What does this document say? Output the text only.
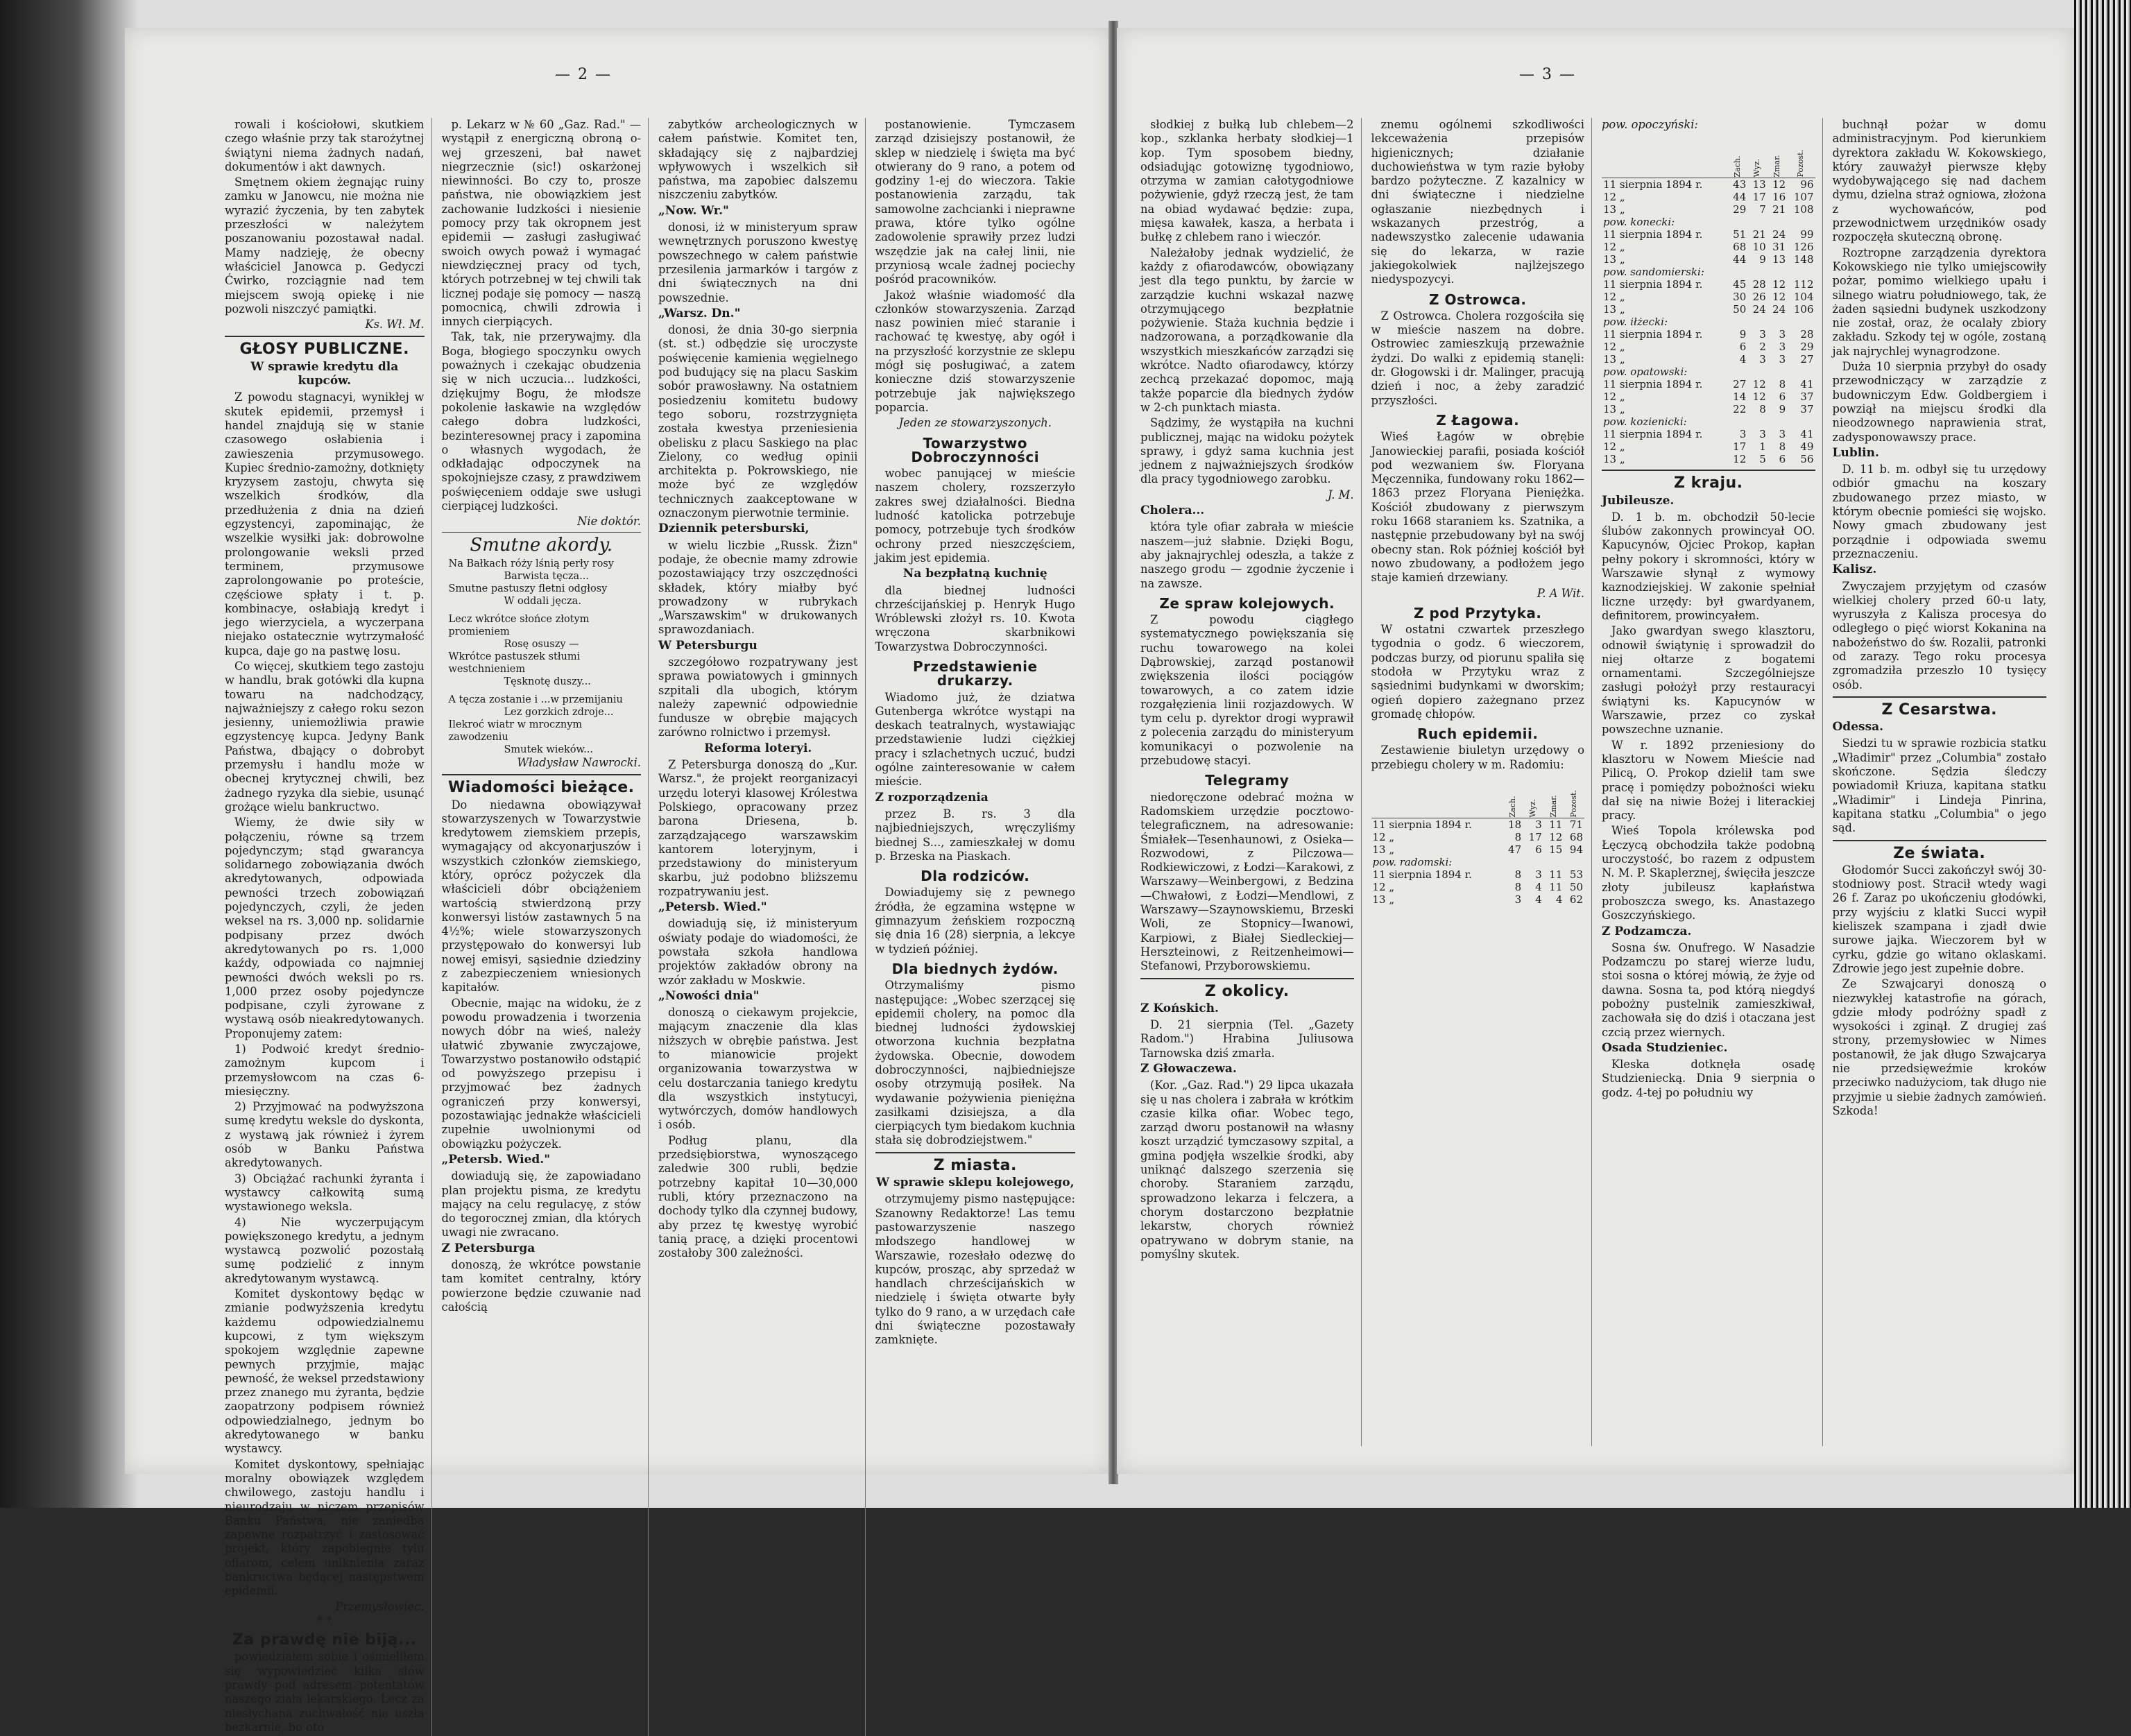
— 2 —

rowali i kościołowi, skutkiem czego właśnie przy tak starożytnej świątyni niema żadnych nadań, dokumentów i akt dawnych.

Smętnem okiem żegnając ruiny zamku w Janowcu, nie można nie wyrazić życzenia, by ten zabytek przeszłości w należytem poszanowaniu pozostawał nadal. Mamy nadzieję, że obecny właściciel Janowca p. Gedyczi Ćwirko, rozciągnie nad tem miejscem swoją opiekę i nie pozwoli niszczyć pamiątki.

Ks. Wł. M.
GŁOSY PUBLICZNE.
W sprawie kredytu dla kupców.

Z powodu stagnacyi, wynikłej w skutek epidemii, przemysł i handel znajdują się w stanie czasowego osłabienia i zawieszenia przymusowego. Kupiec średnio-zamożny, dotknięty kryzysem zastoju, chwyta się wszelkich środków, dla przedłużenia z dnia na dzień egzystencyi, zapominając, że wszelkie wysiłki jak: dobrowolne prolongowanie weksli przed terminem, przymusowe zaprolongowanie po proteście, częściowe spłaty i t. p. kombinacye, osłabiają kredyt i jego wierzyciela, a wyczerpana niejako ostatecznie wytrzymałość kupca, daje go na pastwę losu.

Co więcej, skutkiem tego zastoju w handlu, brak gotówki dla kupna towaru na nadchodzący, najważniejszy z całego roku sezon jesienny, uniemożliwia prawie egzystencyę kupca. Jedyny Bank Państwa, dbający o dobrobyt przemysłu i handlu może w obecnej krytycznej chwili, bez żadnego ryzyka dla siebie, usunąć grożące wielu bankructwo.

Wiemy, że dwie siły w połączeniu, równe są trzem pojedynczym; stąd gwarancya solidarnego zobowiązania dwóch akredytowanych, odpowiada pewności trzech zobowiązań pojedynczych, czyli, że jeden weksel na rs. 3,000 np. solidarnie podpisany przez dwóch akredytowanych po rs. 1,000 kaźdy, odpowiada co najmniej pewności dwóch weksli po rs. 1,000 przez osoby pojedyncze podpisane, czyli żyrowane z wystawą osób nieakredytowanych. Proponujemy zatem:

1) Podwoić kredyt średnio-zamożnym kupcom i przemysłowcom na czas 6-miesięczny.

2) Przyjmować na podwyższona sumę kredytu weksle do dyskonta, z wystawą jak również i żyrem osób w Banku Państwa akredytowanych.

3) Obciążać rachunki żyranta i wystawcy całkowitą sumą wystawionego weksla.

4) Nie wyczerpującym powiększonego kredytu, a jednym wystawcą pozwolić pozostałą sumę podzielić z innym akredytowanym wystawcą.

Komitet dyskontowy będąc w zmianie podwyższenia kredytu każdemu odpowiedzialnemu kupcowi, z tym większym spokojem względnie zapewne pewnych przyjmie, mając pewność, że weksel przedstawiony przez znanego mu żyranta, będzie zaopatrzony podpisem również odpowiedzialnego, jednym bo akredytowanego w banku wystawcy.

Komitet dyskontowy, spełniając moralny obowiązek względem chwilowego, zastoju handlu i nieurodzaju w niczem przepisów Banku Państwa, nie zaniedba zapewne rozpatrzyć i zastosować projekt, który zapobiegnie tylu ofiarom, celem uniknienia zaraz bankructwa będącej następstwem epidemii.

Przemysłowiec.
* *
Za prawdę nie biją...

powiedziałem sobie i ośmieliłem się wypowiedzieć kilka słów prawdy pod adresem potentatów naszego ziała lekarskiego. Lecz za niesłychana zuchwałość nie uszła bezkarnie, bo oto

p. Lekarz w № 60 „Gaz. Rad." —wystąpił z energiczną obroną o-wej grzeszeni, bał nawet niegrzecznie (sic!) oskarżonej niewinności. Bo czy to, prosze państwa, nie obowiązkiem jest zachowanie ludzkości i niesienie pomocy przy tak okropnem jest epidemii — zasługi zasługiwać swoich owych poważ i wymagać niewdzięcznej pracy od tych, których potrzebnej w tej chwili tak licznej podaje się pomocy — naszą pomocnicą, chwili zdrowia i innych cierpiących.

Tak, tak, nie przerywajmy. dla Boga, błogiego spoczynku owych poważnych i czekając obudzenia się w nich uczucia... ludzkości, dziękujmy Bogu, że młodsze pokolenie łaskawie na względów całego dobra ludzkości, bezinteresownej pracy i zapomina o własnych wygodach, że odkładając odpoczynek na spokojniejsze czasy, z prawdziwem poświęceniem oddaje swe usługi cierpiącej ludzkości.

Nie doktór.
Smutne akordy.
Na Bałkach róży lśnią perły rosy
Barwista tęcza...
Smutne pastuszy fletni odgłosy
W oddali jęcza.
Lecz wkrótce słońce złotym promieniem
Rosę osuszy —
Wkrótce pastuszek stłumi westchnieniem
Tęsknotę duszy...
A tęcza zostanie i ...w przemijaniu
Lez gorzkich zdroje...
Ilekroć wiatr w mrocznym zawodzeniu
Smutek wieków...
Władysław Nawrocki.
Wiadomości bieżące.

Do niedawna obowiązywał stowarzyszenych w Towarzystwie kredytowem ziemskiem przepis, wymagający od akcyonarjuszów i wszystkich członków ziemskiego, który, oprócz pożyczek dla właścicieli dóbr obciążeniem wartością stwierdzoną przy konwersyi listów zastawnych 5 na 4½%; wiele stowarzyszonych przystępowało do konwersyi lub nowej emisyi, sąsiednie dziedziny z zabezpieczeniem wniesionych kapitałów.

Obecnie, mając na widoku, że z powodu prowadzenia i tworzenia nowych dóbr na wieś, należy ułatwić zbywanie zwyczajowe, Towarzystwo postanowiło odstąpić od powyższego przepisu i przyjmować bez żadnych ograniczeń przy konwersyi, pozostawiając jednakże właścicieli zupełnie uwolnionymi od obowiązku pożyczek.

„Petersb. Wied."

dowiadują się, że zapowiadano plan projektu pisma, ze kredytu mający na celu regulacyę, z stów do tegorocznej zmian, dla których uwagi nie zwracano.

Z Petersburga

donoszą, że wkrótce powstanie tam komitet centralny, który powierzone będzie czuwanie nad całością

zabytków archeologicznych w całem państwie. Komitet ten, składający się z najbardziej wpływowych i wszelkich sił państwa, ma zapobiec dalszemu niszczeniu zabytków.

„Now. Wr."

donosi, iż w ministeryum spraw wewnętrznych poruszono kwestyę powszechnego w całem państwie przesilenia jarmarków i targów z dni świątecznych na dni powszednie.

„Warsz. Dn."

donosi, że dnia 30-go sierpnia (st. st.) odbędzie się uroczyste poświęcenie kamienia węgielnego pod budujący się na placu Saskim sobór prawosławny. Na ostatniem posiedzeniu komitetu budowy tego soboru, rozstrzygnięta została kwestya przeniesienia obelisku z placu Saskiego na plac Zielony, co według opinii architekta p. Pokrowskiego, nie może być ze względów technicznych zaakceptowane w oznaczonym pierwotnie terminie.

Dziennik petersburski,

w wielu liczbie „Russk. Żizn" podaje, że obecnie mamy zdrowie pozostawiający trzy oszczędności składek, który miałby być prowadzony w rubrykach „Warszawskim" w drukowanych sprawozdaniach.

W Petersburgu

szczegółowo rozpatrywany jest sprawa powiatowych i gminnych szpitali dla ubogich, którym należy zapewnić odpowiednie fundusze w obrębie mających zarówno rolnictwo i przemysł.

Reforma loteryi.

Z Petersburga donoszą do „Kur. Warsz.", że projekt reorganizacyi urzędu loteryi klasowej Królestwa Polskiego, opracowany przez barona Driesena, b. zarządzającego warszawskim kantorem loteryjnym, i przedstawiony do ministeryum skarbu, już podobno bliższemu rozpatrywaniu jest.

„Petersb. Wied."

dowiadują się, iż ministeryum oświaty podaje do wiadomości, że powstała szkoła handlowa projektów zakładów obrony na wzór zakładu w Moskwie.

„Nowości dnia"

donoszą o ciekawym projekcie, mającym znaczenie dla klas niższych w obrębie państwa. Jest to mianowicie projekt organizowania towarzystwa w celu dostarczania taniego kredytu dla wszystkich instytucyi, wytwórczych, domów handlowych i osób.

Podług planu, dla przedsiębiorstwa, wynoszącego zaledwie 300 rubli, będzie potrzebny kapitał 10—30,000 rubli, który przeznaczono na dochody tylko dla czynnej budowy, aby przez tę kwestyę wyrobić tanią pracę, a dzięki procentowi zostałoby 300 zależności.

postanowienie. Tymczasem zarząd dzisiejszy postanowił, że sklep w niedzielę i święta ma być otwierany do 9 rano, a potem od godziny 1-ej do wieczora. Takie postanowienia zarządu, tak samowolne zachcianki i nieprawne prawa, które tylko ogólne zadowolenie sprawiły przez ludzi wszędzie jak na całej linii, nie przyniosą wcale żadnej pociechy pośród pracowników.

Jakoż właśnie wiadomość dla członków stowarzyszenia. Zarząd nasz powinien mieć staranie i rachować tę kwestyę, aby ogół i na przyszłość korzystnie ze sklepu mógł się posługiwać, a zatem konieczne dziś stowarzyszenie potrzebuje jak największego poparcia.

Jeden ze stowarzyszonych.
Towarzystwo Dobroczynności

wobec panującej w mieście naszem cholery, rozszerzyło zakres swej działalności. Biedna ludność katolicka potrzebuje pomocy, potrzebuje tych środków ochrony przed nieszczęściem, jakim jest epidemia.

Na bezpłatną kuchnię

dla biednej ludności chrześcijańskiej p. Henryk Hugo Wróblewski złożył rs. 10. Kwota wręczona skarbnikowi Towarzystwa Dobroczynności.

Przedstawienie drukarzy.

Wiadomo już, że dziatwa Gutenberga wkrótce wystąpi na deskach teatralnych, wystawiając przedstawienie ludzi ciężkiej pracy i szlachetnych uczuć, budzi ogólne zainteresowanie w całem mieście.

Z rozporządzenia

przez B. rs. 3 dla najbiedniejszych, wręczyliśmy biednej S..., zamieszkałej w domu p. Brzeska na Piaskach.

Dla rodziców.

Dowiadujemy się z pewnego źródła, że egzamina wstępne w gimnazyum żeńskiem rozpoczną się dnia 16 (28) sierpnia, a lekcye w tydzień później.

Dla biednych żydów.

Otrzymaliśmy pismo następujące: „Wobec szerzącej się epidemii cholery, na pomoc dla biednej ludności żydowskiej otworzona kuchnia bezpłatna żydowska. Obecnie, dowodem dobroczynności, najbiedniejsze osoby otrzymują posiłek. Na wydawanie pożywienia pieniężna zasiłkami dzisiejsza, a dla cierpiących tym biedakom kuchnia stała się dobrodziejstwem."

Z miasta.
W sprawie sklepu kolejowego,

otrzymujemy pismo następujące: Szanowny Redaktorze! Las temu pastowarzyszenie naszego młodszego handlowej w Warszawie, rozesłało odezwę do kupców, prosząc, aby sprzedaż w handlach chrześcijańskich w niedzielę i święta otwarte były tylko do 9 rano, a w urzędach całe dni świąteczne pozostawały zamknięte.

— 3 —

słodkiej z bułką lub chlebem—2 kop., szklanka herbaty słodkiej—1 kop. Tym sposobem biedny, odsiadując gotowiznę tygodniowo, otrzyma w zamian całotygodniowe pożywienie, gdyż rzeczą jest, że tam na obiad wydawać będzie: zupa, mięsa kawałek, kasza, a herbata i bułkę z chlebem rano i wieczór.

Należałoby jednak wydzielić, że każdy z ofiarodawców, obowiązany jest dla tego punktu, by żarcie w zarządzie kuchni wskazał nazwę otrzymującego bezpłatnie pożywienie. Staża kuchnia będzie i nadzorowana, a porządkowanie dla wszystkich mieszkańców zarządzi się wkrótce. Nadto ofiarodawcy, którzy zechcą przekazać dopomoc, mają także poparcie dla biednych żydów w 2-ch punktach miasta.

Sądzimy, że wystąpiła na kuchni publicznej, mając na widoku pożytek sprawy, i gdyż sama kuchnia jest jednem z najważniejszych środków dla pracy tygodniowego zarobku.

J. M.
Cholera...

która tyle ofiar zabrała w mieście naszem—już słabnie. Dzięki Bogu, aby jaknajrychlej odeszła, a także z naszego grodu — zgodnie życzenie i na zawsze.

Ze spraw kolejowych.

Z powodu ciągłego systematycznego powiększania się ruchu towarowego na kolei Dąbrowskiej, zarząd postanowił zwiększenia ilości pociągów towarowych, a co zatem idzie rozgałęzienia linii rozjazdowych. W tym celu p. dyrektor drogi wyprawił z polecenia zarządu do ministeryum komunikacyi o pozwolenie na przebudowę stacyi.

Telegramy

niedoręczone odebrać można w Radomskiem urzędzie pocztowo-telegraficznem, na adresowanie: Śmiałek—Tesenhaunowi, z Osieka—Rozwodowi, z Pilczowa—Rodkiewiczowi, z Łodzi—Karakowi, z Warszawy—Weinbergowi, z Bedzina—Chwałowi, z Łodzi—Mendlowi, z Warszawy—Szaynowskiemu, Brzeski Woli, ze Stopnicy—Iwanowi, Karpiowi, z Białej Siedleckiej—Herszteinowi, z Reitzenheimowi—Stefanowi, Przyborowskiemu.

Z okolicy.
Z Końskich.

D. 21 sierpnia (Tel. „Gazety Radom.") Hrabina Juliusowa Tarnowska dziś zmarła.

Z Głowaczewa.

(Kor. „Gaz. Rad.") 29 lipca ukazała się u nas cholera i zabrała w krótkim czasie kilka ofiar. Wobec tego, zarząd dworu postanowił na własny koszt urządzić tymczasowy szpital, a gmina podjęła wszelkie środki, aby uniknąć dalszego szerzenia się choroby. Staraniem zarządu, sprowadzono lekarza i felczera, a chorym dostarczono bezpłatnie lekarstw, chorych również opatrywano w dobrym stanie, na pomyślny skutek.

znemu ogólnemi szkodliwości lekceważenia przepisów higienicznych; działanie duchowieństwa w tym razie byłoby bardzo pożyteczne. Z kazalnicy w dni świąteczne i niedzielne ogłaszanie niezbędnych i wskazanych przestróg, a nadewszystko zalecenie udawania się do lekarza, w razie jakiegokolwiek najlżejszego niedyspozycyi.

Z Ostrowca.

Z Ostrowca. Cholera rozgościła się w mieście naszem na dobre. Ostrowiec zamieszkują przeważnie żydzi. Do walki z epidemią stanęli: dr. Głogowski i dr. Malinger, pracują dzień i noc, a żeby zaradzić przyszłości.

Z Łagowa.

Wieś Łagów w obrębie Janowieckiej parafii, posiada kościół pod wezwaniem św. Floryana Męczennika, fundowany roku 1862—1863 przez Floryana Pieniężka. Kościół zbudowany z pierwszym roku 1668 staraniem ks. Szatnika, a następnie przebudowany był na swój obecny stan. Rok później kościół był nowo zbudowany, a podłożem jego staje kamień drzewiany.

P. A Wit.
Z pod Przytyka.

W ostatni czwartek przeszłego tygodnia o godz. 6 wieczorem, podczas burzy, od piorunu spaliła się stodoła w Przytyku wraz z sąsiednimi budynkami w dworskim; ogień dopiero zażegnano przez gromadę chłopów.

Ruch epidemii.

Zestawienie biuletyn urzędowy o przebiegu cholery w m. Radomiu:

	Zach.	Wyz.	Zmar.	Pozost.
11 sierpnia 1894 r.	18	3	11	71
12 „	8	17	12	68
13 „	47	6	15	94
pow. radomski:				
11 sierpnia 1894 r.	8	3	11	53
12 „	8	4	11	50
13 „	3	4	4	62
pow. opoczyński:
	Zach.	Wyz.	Zmar.	Pozost.
11 sierpnia 1894 r.	43	13	12	96
12 „	44	17	16	107
13 „	29	7	21	108
pow. konecki:				
11 sierpnia 1894 r.	51	21	24	99
12 „	68	10	31	126
13 „	44	9	13	148
pow. sandomierski:				
11 sierpnia 1894 r.	45	28	12	112
12 „	30	26	12	104
13 „	50	24	24	106
pow. iłżecki:				
11 sierpnia 1894 r.	9	3	3	28
12 „	6	2	3	29
13 „	4	3	3	27
pow. opatowski:				
11 sierpnia 1894 r.	27	12	8	41
12 „	14	12	6	37
13 „	22	8	9	37
pow. kozienicki:				
11 sierpnia 1894 r.	3	3	3	41
12 „	17	1	8	49
13 „	12	5	6	56
Z kraju.
Jubileusze.

D. 1 b. m. obchodził 50-lecie ślubów zakonnych prowincyał OO. Kapucynów, Ojciec Prokop, kapłan pełny pokory i skromności, który w Warszawie słynął z wymowy kaznodziejskiej. W zakonie spełniał liczne urzędy: był gwardyanem, definitorem, prowincyałem.

Jako gwardyan swego klasztoru, odnowił świątynię i sprowadził do niej ołtarze z bogatemi ornamentami. Szczególniejsze zasługi położył przy restauracyi świątyni ks. Kapucynów w Warszawie, przez co zyskał powszechne uznanie.

W r. 1892 przeniesiony do klasztoru w Nowem Mieście nad Pilicą, O. Prokop dzielił tam swe pracę i pomiędzy pobożności wieku dał się na niwie Bożej i literackiej pracy.

Wieś Topola królewska pod Łęczycą obchodziła także podobną uroczystość, bo razem z odpustem N. M. P. Skaplerznej, święciła jeszcze złoty jubileusz kapłaństwa proboszcza swego, ks. Anastazego Goszczyńskiego.

Z Podzamcza.

Sosna św. Onufrego. W Nasadzie Podzamczu po starej wierze ludu, stoi sosna o której mówią, że żyje od dawna. Sosna ta, pod którą niegdyś pobożny pustelnik zamieszkiwał, zachowała się do dziś i otaczana jest czcią przez wiernych.

Osada Studzieniec.

Kleska dotknęła osadę Studzieniecką. Dnia 9 sierpnia o godz. 4-tej po południu wy

buchnął pożar w domu administracyjnym. Pod kierunkiem dyrektora zakładu W. Kokowskiego, który zauważył pierwsze kłęby wydobywającego się nad dachem dymu, dzielna straż ogniowa, złożona z wychowańców, pod przewodnictwem urzędników osady rozpoczęła skuteczną obronę.

Roztropne zarządzenia dyrektora Kokowskiego nie tylko umiejscowiły pożar, pomimo wielkiego upału i silnego wiatru południowego, tak, że żaden sąsiedni budynek uszkodzony nie został, oraz, że ocalały zbiory zakładu. Szkody tej w ogóle, zostaną jak najrychlej wynagrodzone.

Duża 10 sierpnia przybył do osady przewodniczący w zarządzie z budowniczym Edw. Goldbergiem i powziął na miejscu środki dla nieodzownego naprawienia strat, zadysponowawszy prace.

Lublin.

D. 11 b. m. odbył się tu urzędowy odbiór gmachu na koszary zbudowanego przez miasto, w którym obecnie pomieści się wojsko. Nowy gmach zbudowany jest porządnie i odpowiada swemu przeznaczeniu.

Kalisz.

Zwyczajem przyjętym od czasów wielkiej cholery przed 60-u laty, wyruszyła z Kalisza procesya do odległego o pięć wiorst Kokanina na nabożeństwo do św. Rozalii, patronki od zarazy. Tego roku procesya zgromadziła przeszło 10 tysięcy osób.

Z Cesarstwa.
Odessa.

Siedzi tu w sprawie rozbicia statku „Władimir" przez „Columbia" zostało skończone. Sędzia śledczy powiadomił Kriuza, kapitana statku „Władimir" i Lindeja Pinrina, kapitana statku „Columbia" o jego sąd.

Ze świata.

Głodomór Succi zakończył swój 30-stodniowy post. Stracił wtedy wagi 26 f. Zaraz po ukończeniu głodówki, przy wyjściu z klatki Succi wypił kieliszek szampana i zjadł dwie surowe jajka. Wieczorem był w cyrku, gdzie go witano oklaskami. Zdrowie jego jest zupełnie dobre.

Ze Szwajcaryi donoszą o niezwykłej katastrofie na górach, gdzie młody podróżny spadł z wysokości i zginął. Z drugiej zaś strony, przemysłowiec w Nimes postanowił, że jak długo Szwajcarya nie przedsięweźmie kroków przeciwko nadużyciom, tak długo nie przyjmie u siebie żadnych zamówień. Szkoda!
